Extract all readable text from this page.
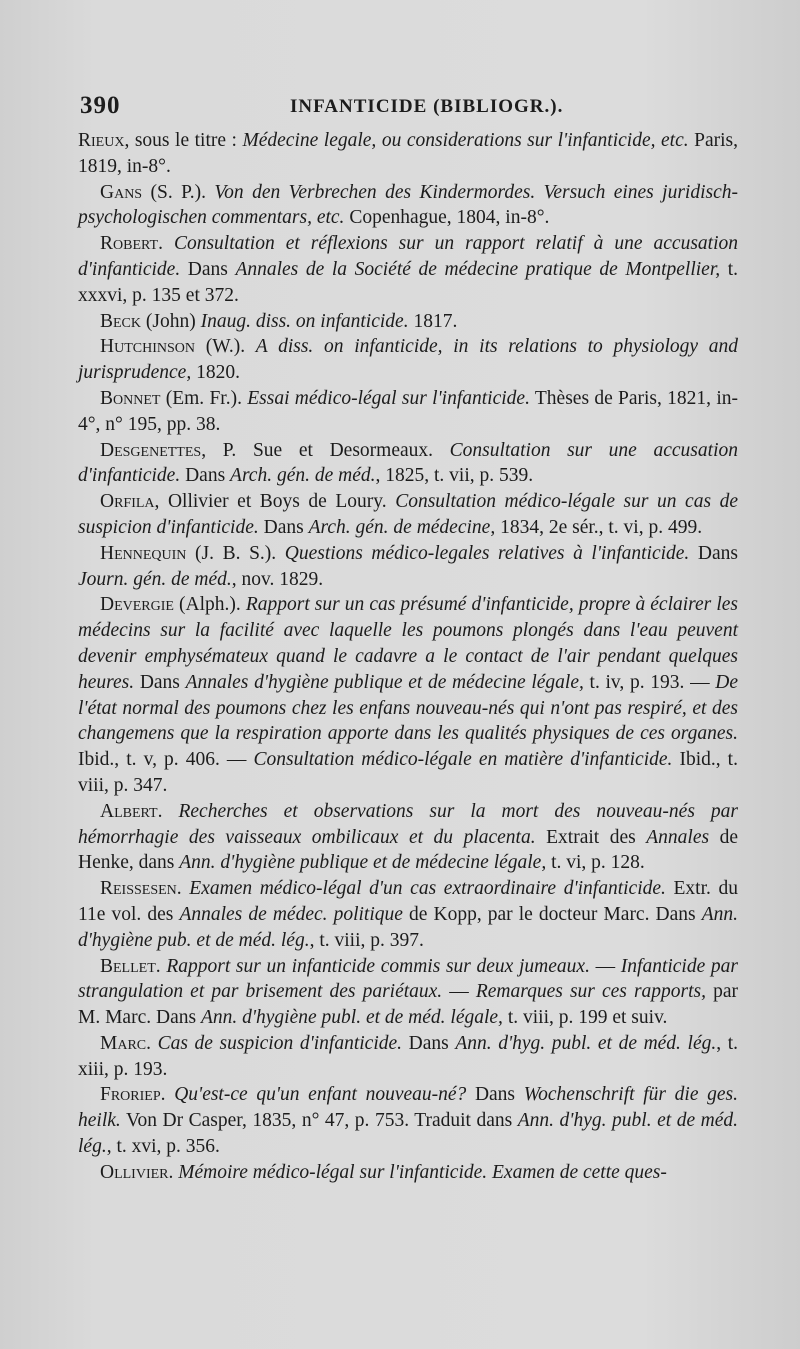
390	INFANTICIDE (BIBLIOGR.).

Rieux, sous le titre : Médecine legale, ou considerations sur l'infanticide, etc. Paris, 1819, in-8°.

Gans (S. P.). Von den Verbrechen des Kindermordes. Versuch eines juridisch-psychologischen commentars, etc. Copenhague, 1804, in-8°.

Robert. Consultation et réflexions sur un rapport relatif à une accusation d'infanticide. Dans Annales de la Société de médecine pratique de Montpellier, t. xxxvi, p. 135 et 372.

Beck (John) Inaug. diss. on infanticide. 1817.

Hutchinson (W.). A diss. on infanticide, in its relations to physiology and jurisprudence, 1820.

Bonnet (Em. Fr.). Essai médico-légal sur l'infanticide. Thèses de Paris, 1821, in-4°, n° 195, pp. 38.

Desgenettes, P. Sue et Desormeaux. Consultation sur une accusation d'infanticide. Dans Arch. gén. de méd., 1825, t. vii, p. 539.

Orfila, Ollivier et Boys de Loury. Consultation médico-légale sur un cas de suspicion d'infanticide. Dans Arch. gén. de médecine, 1834, 2e sér., t. vi, p. 499.

Hennequin (J. B. S.). Questions médico-legales relatives à l'infanticide. Dans Journ. gén. de méd., nov. 1829.

Devergie (Alph.). Rapport sur un cas présumé d'infanticide, propre à éclairer les médecins sur la facilité avec laquelle les poumons plongés dans l'eau peuvent devenir emphysémateux quand le cadavre a le contact de l'air pendant quelques heures. Dans Annales d'hygiène publique et de médecine légale, t. iv, p. 193. — De l'état normal des poumons chez les enfans nouveau-nés qui n'ont pas respiré, et des changemens que la respiration apporte dans les qualités physiques de ces organes. Ibid., t. v, p. 406. — Consultation médico-légale en matière d'infanticide. Ibid., t. viii, p. 347.

Albert. Recherches et observations sur la mort des nouveau-nés par hémorrhagie des vaisseaux ombilicaux et du placenta. Extrait des Annales de Henke, dans Ann. d'hygiène publique et de médecine légale, t. vi, p. 128.

Reissesen. Examen médico-légal d'un cas extraordinaire d'infanticide. Extr. du 11e vol. des Annales de médec. politique de Kopp, par le docteur Marc. Dans Ann. d'hygiène pub. et de méd. lég., t. viii, p. 397.

Bellet. Rapport sur un infanticide commis sur deux jumeaux. — Infanticide par strangulation et par brisement des pariétaux. — Remarques sur ces rapports, par M. Marc. Dans Ann. d'hygiène publ. et de méd. légale, t. viii, p. 199 et suiv.

Marc. Cas de suspicion d'infanticide. Dans Ann. d'hyg. publ. et de méd. lég., t. xiii, p. 193.

Froriep. Qu'est-ce qu'un enfant nouveau-né? Dans Wochenschrift für die ges. heilk. Von Dr Casper, 1835, n° 47, p. 753. Traduit dans Ann. d'hyg. publ. et de méd. lég., t. xvi, p. 356.

Ollivier. Mémoire médico-légal sur l'infanticide. Examen de cette ques-
